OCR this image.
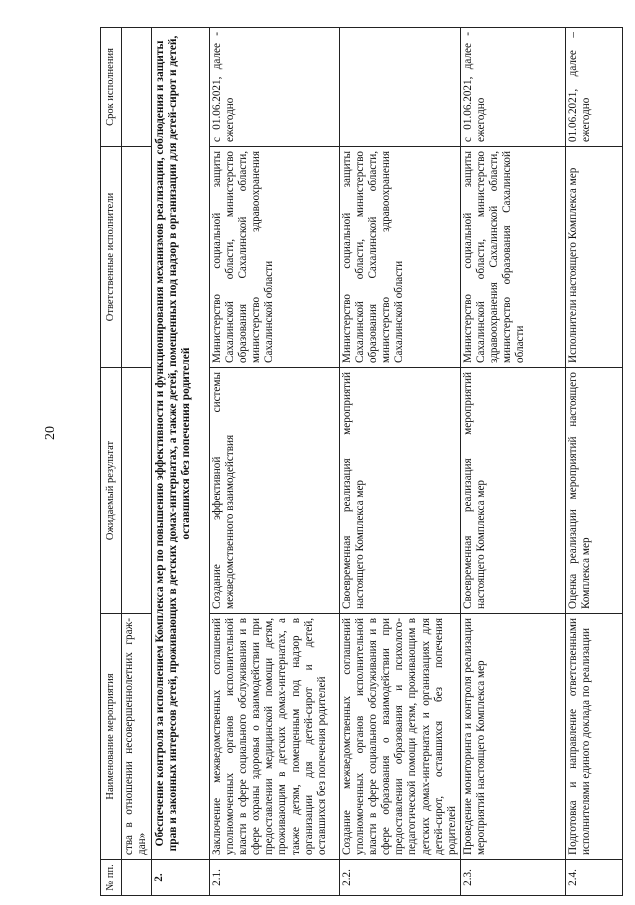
20
№ пп.	Наименование мероприятия	Ожидаемый результат	Ответственные исполнители	Срок исполнения
	ства в отношении несовершеннолетних граж-дан»			
2.	Обеспечение контроля за исполнением Комплекса мер по повышению эффективности и функционирования механизмов реализации, соблюдения и защиты прав и законных интересов детей, проживающих в детских домах-интернатах, а также детей, помещенных под надзор в организации для детей-сирот и детей, оставшихся без попечения родителей			
2.1.	Заключение межведомственных соглашений уполномоченных органов исполнительной власти в сфере социального обслуживания и в сфере охраны здоровья о взаимодействии при предоставлении медицинской помощи детям, проживающим в детских домах-интернатах, а также детям, помещенным под надзор в организации для детей-сирот и детей, оставшихся без попечения родителей	Создание эффективной системы межведомственного взаимодействия	Министерство социальной защиты Сахалинской области, министерство образования Сахалинской области, министерство здравоохранения Сахалинской области	с 01.06.2021, далее - ежегодно
2.2.	Создание межведомственных соглашений уполномоченных органов исполнительной власти в сфере социального обслуживания и в сфере образования о взаимодействии при предоставлении образования и психолого-педагогической помощи детям, проживающим в детских домах-интернатах и организациях для детей-сирот, оставшихся без попечения родителей	Своевременная реализация мероприятий настоящего Комплекса мер	Министерство социальной защиты Сахалинской области, министерство образования Сахалинской области, министерство здравоохранения Сахалинской области	
2.3.	Проведение мониторинга и контроля реализации мероприятий настоящего Комплекса мер	Своевременная реализация мероприятий настоящего Комплекса мер	Министерство социальной защиты Сахалинской области, министерство здравоохранения Сахалинской области, министерство образования Сахалинской области	с 01.06.2021, далее - ежегодно
2.4.	Подготовка и направление ответственными исполнителями единого доклада по реализации	Оценка реализации мероприятий настоящего Комплекса мер	Исполнители настоящего Комплекса мер	01.06.2021, далее – ежегодно
